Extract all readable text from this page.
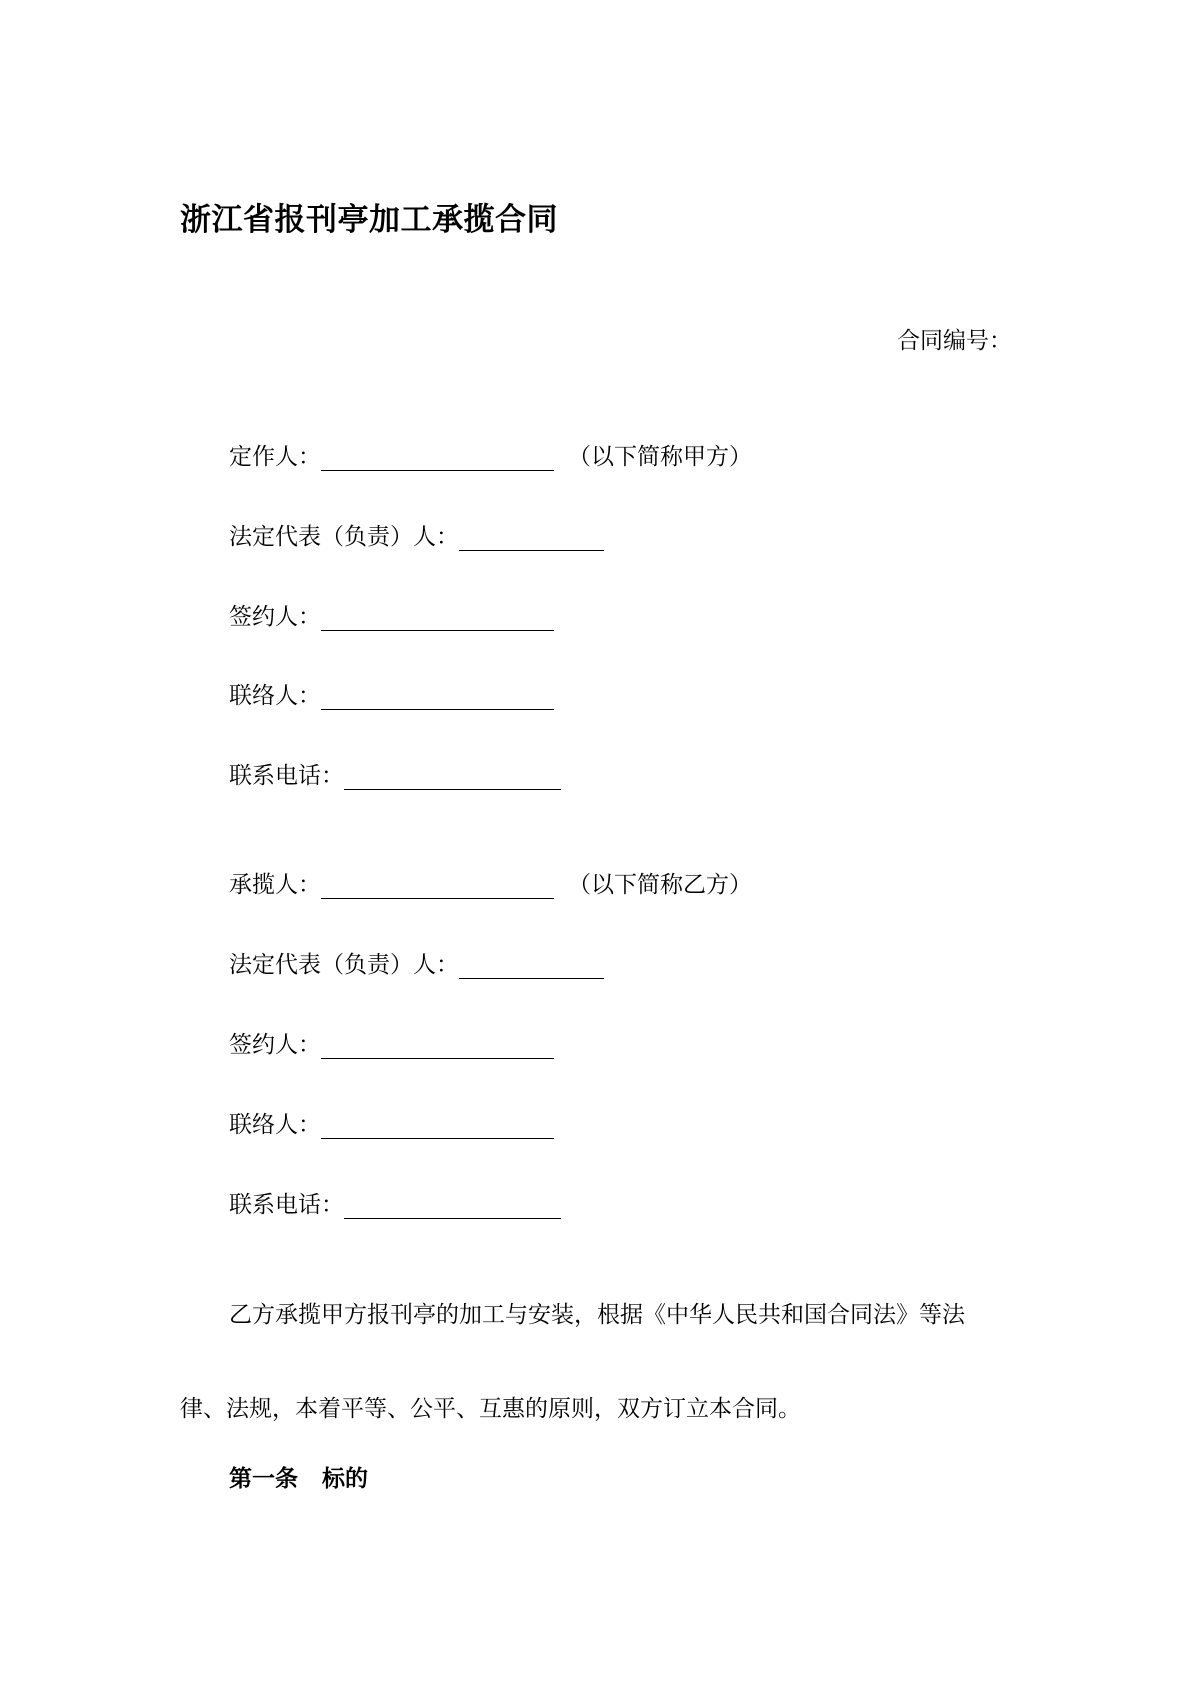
浙江省报刊亭加工承揽合同
合同编号：
定作人：	（以下简称甲方）
法定代表（负责）人：
签约人：
联络人：
联系电话：
承揽人：	（以下简称乙方）
法定代表（负责）人：
签约人：
联络人：
联系电话：
乙方承揽甲方报刊亭的加工与安装，根据《中华人民共和国合同法》等法
律、法规，本着平等、公平、互惠的原则，双方订立本合同。
第一条 标的
